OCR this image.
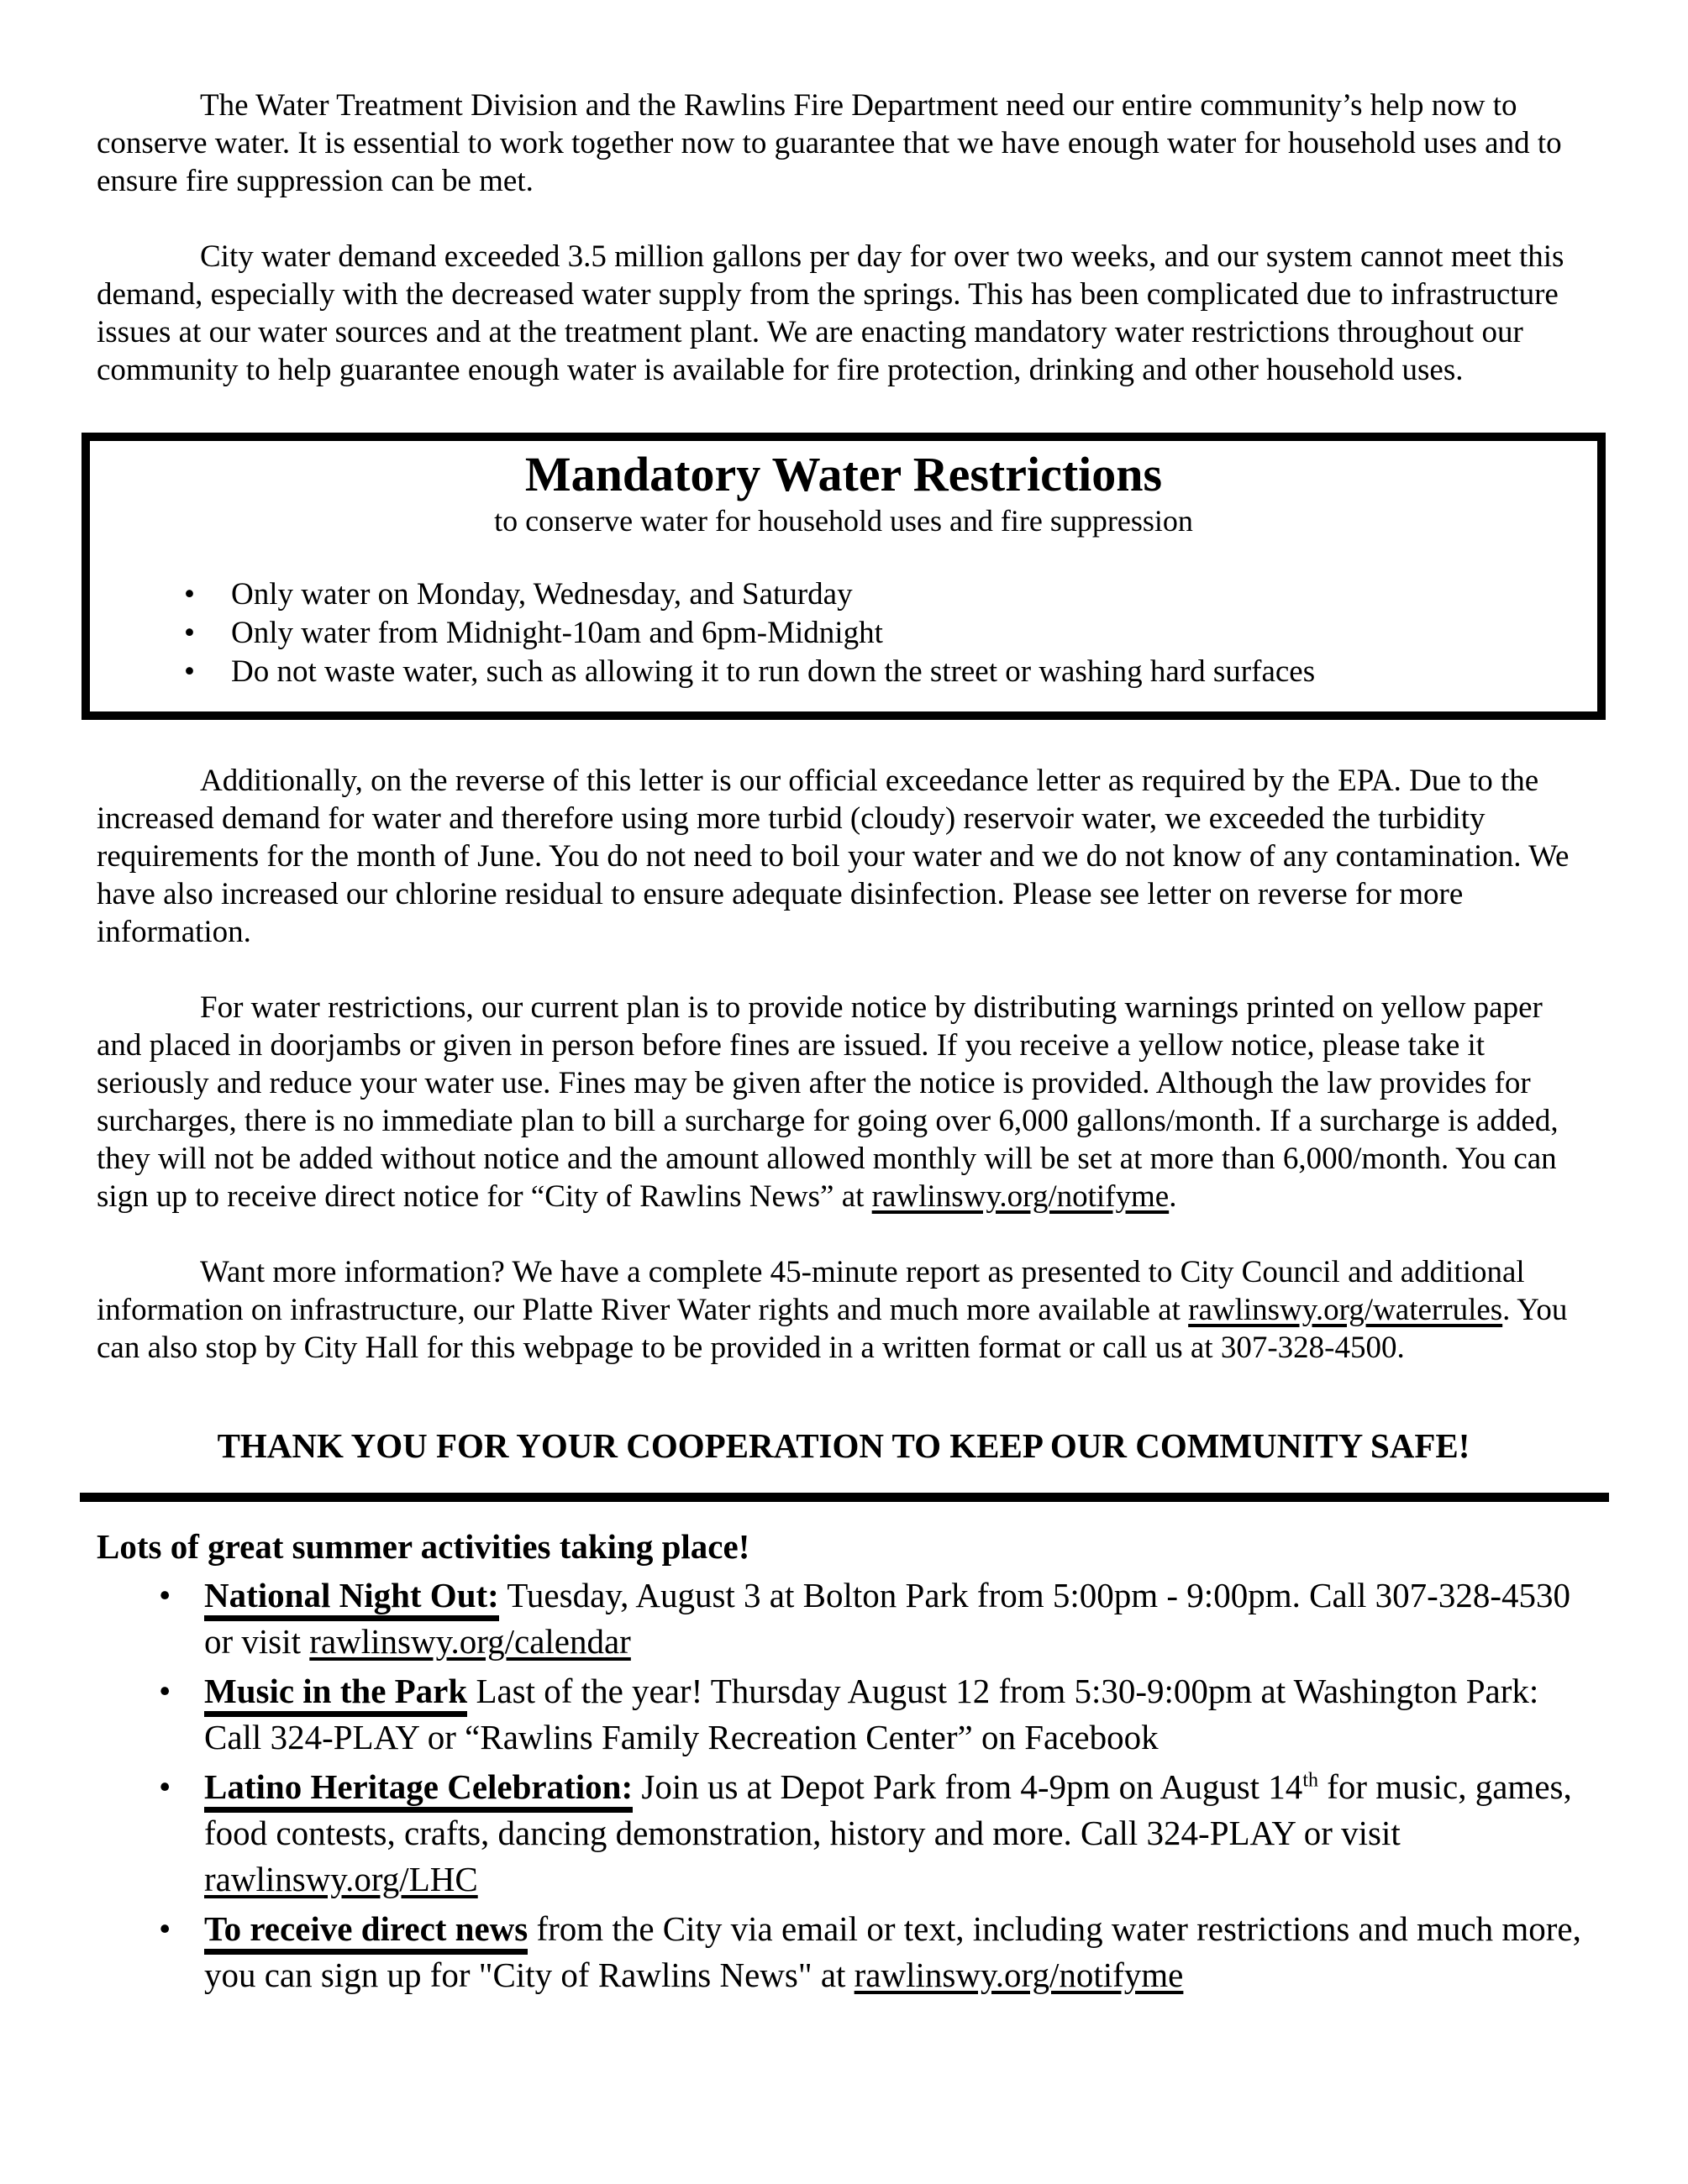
The Water Treatment Division and the Rawlins Fire Department need our entire community’s help now to conserve water. It is essential to work together now to guarantee that we have enough water for household uses and to ensure fire suppression can be met.

City water demand exceeded 3.5 million gallons per day for over two weeks, and our system cannot meet this demand, especially with the decreased water supply from the springs. This has been complicated due to infrastructure issues at our water sources and at the treatment plant. We are enacting mandatory water restrictions throughout our community to help guarantee enough water is available for fire protection, drinking and other household uses.

Mandatory Water Restrictions
to conserve water for household uses and fire suppression
• Only water on Monday, Wednesday, and Saturday
• Only water from Midnight-10am and 6pm-Midnight
• Do not waste water, such as allowing it to run down the street or washing hard surfaces

Additionally, on the reverse of this letter is our official exceedance letter as required by the EPA. Due to the increased demand for water and therefore using more turbid (cloudy) reservoir water, we exceeded the turbidity requirements for the month of June. You do not need to boil your water and we do not know of any contamination. We have also increased our chlorine residual to ensure adequate disinfection. Please see letter on reverse for more information.

For water restrictions, our current plan is to provide notice by distributing warnings printed on yellow paper and placed in doorjambs or given in person before fines are issued. If you receive a yellow notice, please take it seriously and reduce your water use. Fines may be given after the notice is provided. Although the law provides for surcharges, there is no immediate plan to bill a surcharge for going over 6,000 gallons/month. If a surcharge is added, they will not be added without notice and the amount allowed monthly will be set at more than 6,000/month. You can sign up to receive direct notice for “City of Rawlins News” at rawlinswy.org/notifyme.

Want more information? We have a complete 45-minute report as presented to City Council and additional information on infrastructure, our Platte River Water rights and much more available at rawlinswy.org/waterrules. You can also stop by City Hall for this webpage to be provided in a written format or call us at 307-328-4500.

THANK YOU FOR YOUR COOPERATION TO KEEP OUR COMMUNITY SAFE!

Lots of great summer activities taking place!
• National Night Out: Tuesday, August 3 at Bolton Park from 5:00pm - 9:00pm. Call 307-328-4530 or visit rawlinswy.org/calendar
• Music in the Park Last of the year! Thursday August 12 from 5:30-9:00pm at Washington Park: Call 324-PLAY or “Rawlins Family Recreation Center” on Facebook
• Latino Heritage Celebration: Join us at Depot Park from 4-9pm on August 14th for music, games, food contests, crafts, dancing demonstration, history and more. Call 324-PLAY or visit rawlinswy.org/LHC
• To receive direct news from the City via email or text, including water restrictions and much more, you can sign up for "City of Rawlins News" at rawlinswy.org/notifyme
